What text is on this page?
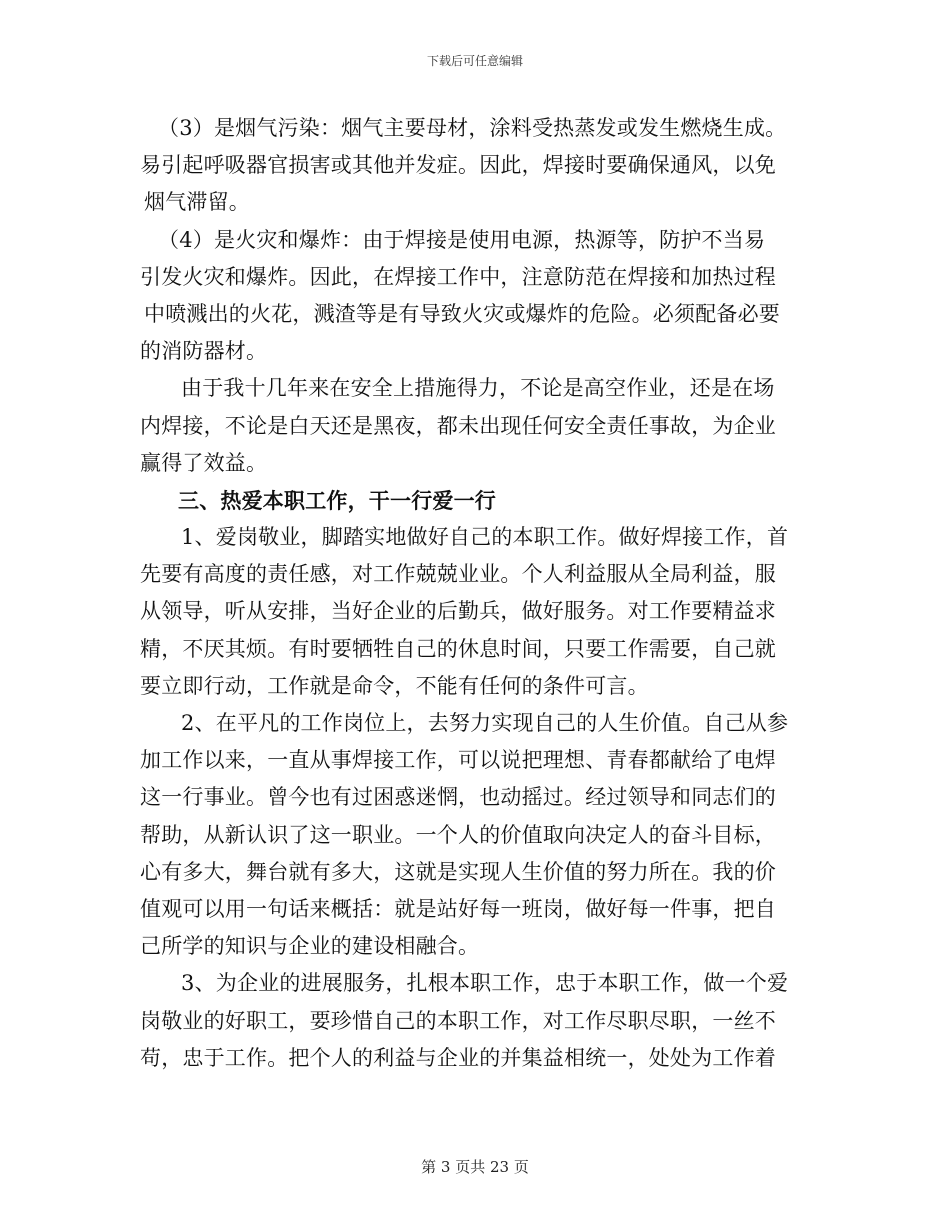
下载后可任意编辑
（3）是烟气污染：烟气主要母材，涂料受热蒸发或发生燃烧生成。
易引起呼吸器官损害或其他并发症。因此，焊接时要确保通风，以免
烟气滞留。
（4）是火灾和爆炸：由于焊接是使用电源，热源等，防护不当易
引发火灾和爆炸。因此，在焊接工作中，注意防范在焊接和加热过程
中喷溅出的火花，溅渣等是有导致火灾或爆炸的危险。必须配备必要
的消防器材。
由于我十几年来在安全上措施得力，不论是高空作业，还是在场
内焊接，不论是白天还是黑夜，都未出现任何安全责任事故，为企业
赢得了效益。
三、热爱本职工作，干一行爱一行
1、爱岗敬业，脚踏实地做好自己的本职工作。做好焊接工作，首
先要有高度的责任感，对工作兢兢业业。个人利益服从全局利益，服
从领导，听从安排，当好企业的后勤兵，做好服务。对工作要精益求
精，不厌其烦。有时要牺牲自己的休息时间，只要工作需要，自己就
要立即行动，工作就是命令，不能有任何的条件可言。
2、在平凡的工作岗位上，去努力实现自己的人生价值。自己从参
加工作以来，一直从事焊接工作，可以说把理想、青春都献给了电焊
这一行事业。曾今也有过困惑迷惘，也动摇过。经过领导和同志们的
帮助，从新认识了这一职业。一个人的价值取向决定人的奋斗目标，
心有多大，舞台就有多大，这就是实现人生价值的努力所在。我的价
值观可以用一句话来概括：就是站好每一班岗，做好每一件事，把自
己所学的知识与企业的建设相融合。
3、为企业的进展服务，扎根本职工作，忠于本职工作，做一个爱
岗敬业的好职工，要珍惜自己的本职工作，对工作尽职尽职，一丝不
苟，忠于工作。把个人的利益与企业的并集益相统一，处处为工作着
第 3 页共 23 页
